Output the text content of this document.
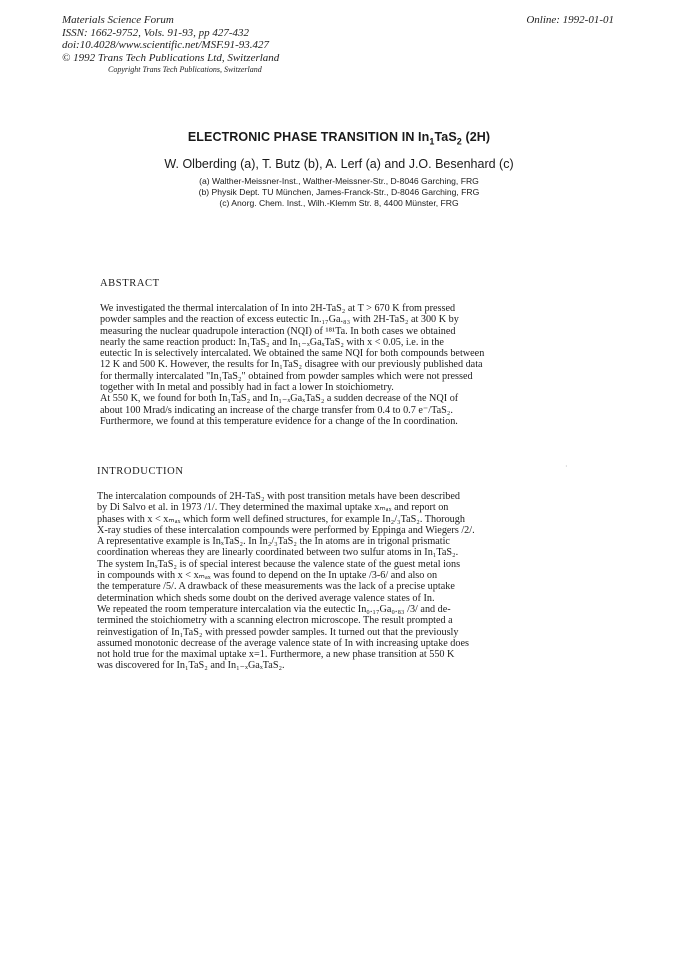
Materials Science Forum
ISSN: 1662-9752, Vols. 91-93, pp 427-432
doi:10.4028/www.scientific.net/MSF.91-93.427
© 1992 Trans Tech Publications Ltd, Switzerland
Copyright Trans Tech Publications, Switzerland
Online: 1992-01-01
ELECTRONIC PHASE TRANSITION IN $In_1TaS_2$ (2H)
W. Olberding (a), T. Butz (b), A. Lerf (a) and J.O. Besenhard (c)
(a) Walther-Meissner-Inst., Walther-Meissner-Str., D-8046 Garching, FRG
(b) Physik Dept. TU München, James-Franck-Str., D-8046 Garching, FRG
(c) Anorg. Chem. Inst., Wilh.-Klemm Str. 8, 4400 Münster, FRG
ABSTRACT
We investigated the thermal intercalation of In into 2H-TaS₂ at T > 670 K from pressed
powder samples and the reaction of excess eutectic In.₁₇Ga.₈₃ with 2H-TaS₂ at 300 K by
measuring the nuclear quadrupole interaction (NQI) of ¹⁸¹Ta. In both cases we obtained
nearly the same reaction product: In₁TaS₂ and In₁₋ₓGaₓTaS₂ with x < 0.05, i.e. in the
eutectic In is selectively intercalated. We obtained the same NQI for both compounds between
12 K and 500 K. However, the results for In₁TaS₂ disagree with our previously published data
for thermally intercalated "In₁TaS₂" obtained from powder samples which were not pressed
together with In metal and possibly had in fact a lower In stoichiometry.
At 550 K, we found for both In₁TaS₂ and In₁₋ₓGaₓTaS₂ a sudden decrease of the NQI of
about 100 Mrad/s indicating an increase of the charge transfer from 0.4 to 0.7 e⁻/TaS₂.
Furthermore, we found at this temperature evidence for a change of the In coordination.
·
INTRODUCTION
The intercalation compounds of 2H-TaS₂ with post transition metals have been described
by Di Salvo et al. in 1973 /1/. They determined the maximal uptake xₘₐₓ and report on
phases with x < xₘₐₓ which form well defined structures, for example In₂/₃TaS₂. Thorough
X-ray studies of these intercalation compounds were performed by Eppinga and Wiegers /2/.
A representative example is InₓTaS₂. In In₂/₃TaS₂ the In atoms are in trigonal prismatic
coordination whereas they are linearly coordinated between two sulfur atoms in In₁TaS₂.
The system InₓTaS₂ is of special interest because the valence state of the guest metal ions
in compounds with x < xₘₐₓ was found to depend on the In uptake /3-6/ and also on
the temperature /5/. A drawback of these measurements was the lack of a precise uptake
determination which sheds some doubt on the derived average valence states of In.
We repeated the room temperature intercalation via the eutectic In₀.₁₇Ga₀.₈₃ /3/ and de-
termined the stoichiometry with a scanning electron microscope. The result prompted a
reinvestigation of In₁TaS₂ with pressed powder samples. It turned out that the previously
assumed monotonic decrease of the average valence state of In with increasing uptake does
not hold true for the maximal uptake x=1. Furthermore, a new phase transition at 550 K
was discovered for In₁TaS₂ and In₁₋ₓGaₓTaS₂.
